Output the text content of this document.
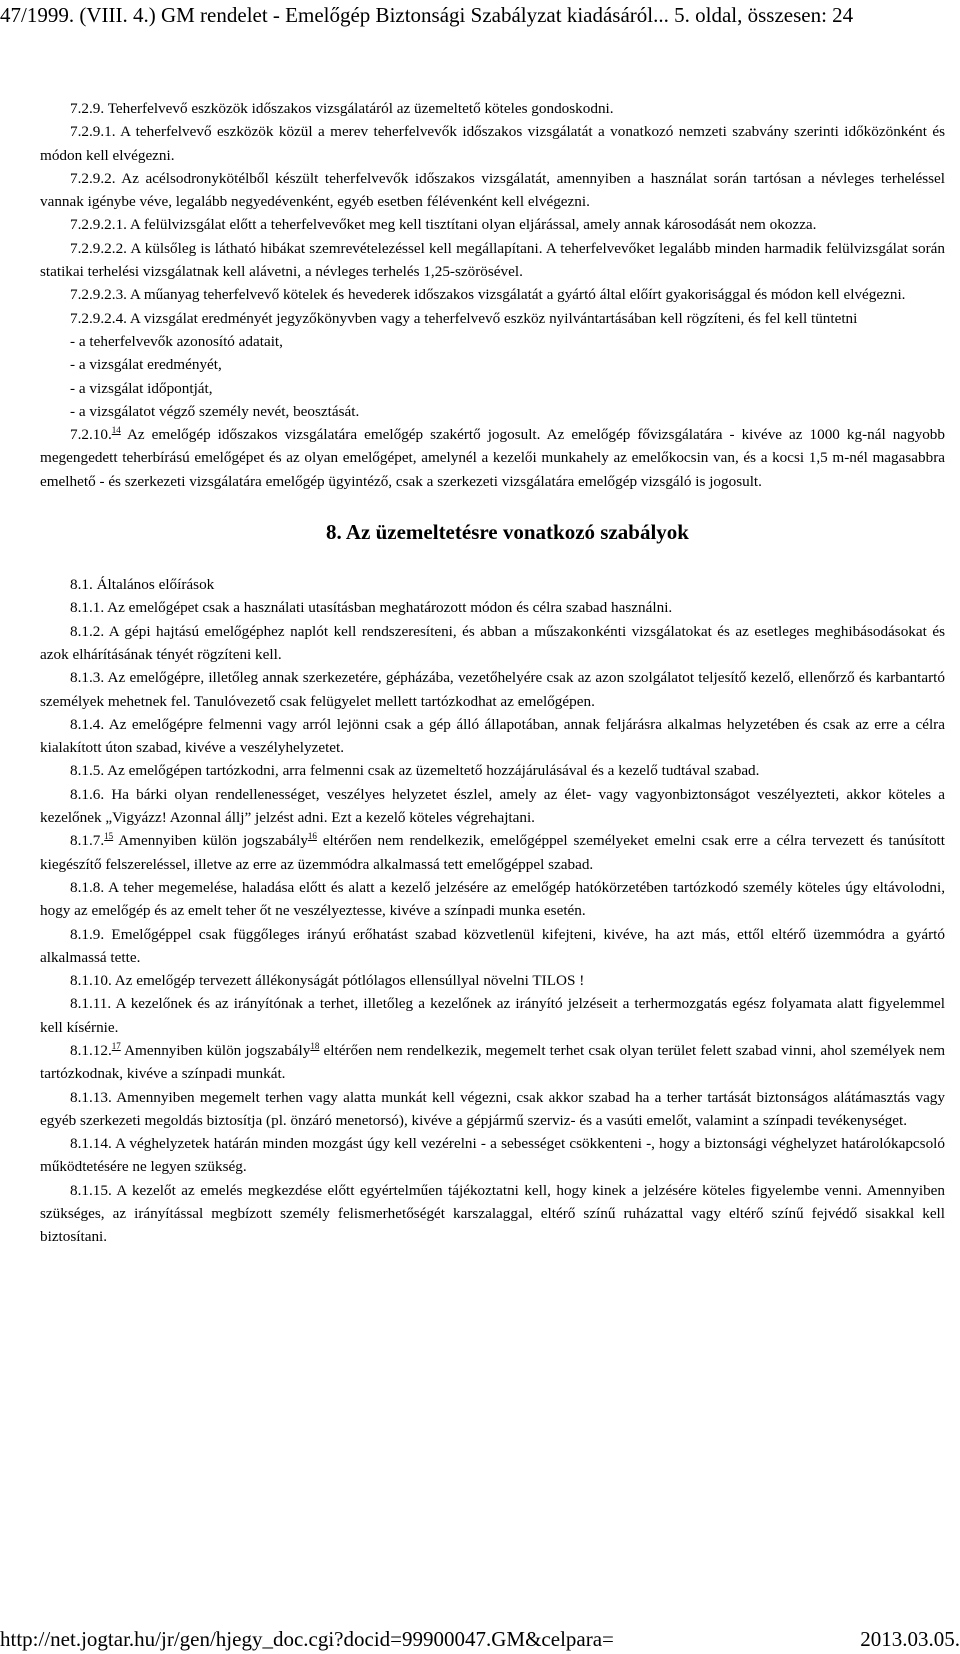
47/1999. (VIII. 4.) GM rendelet - Emelőgép Biztonsági Szabályzat kiadásáról... 5. oldal, összesen: 24

7.2.9. Teherfelvevő eszközök időszakos vizsgálatáról az üzemeltető köteles gondoskodni.

7.2.9.1. A teherfelvevő eszközök közül a merev teherfelvevők időszakos vizsgálatát a vonatkozó nemzeti szabvány szerinti időközönként és módon kell elvégezni.

7.2.9.2. Az acélsodronykötélből készült teherfelvevők időszakos vizsgálatát, amennyiben a használat során tartósan a névleges terheléssel vannak igénybe véve, legalább negyedévenként, egyéb esetben félévenként kell elvégezni.

7.2.9.2.1. A felülvizsgálat előtt a teherfelvevőket meg kell tisztítani olyan eljárással, amely annak károsodását nem okozza.

7.2.9.2.2. A külsőleg is látható hibákat szemrevételezéssel kell megállapítani. A teherfelvevőket legalább minden harmadik felülvizsgálat során statikai terhelési vizsgálatnak kell alávetni, a névleges terhelés 1,25-szörösével.

7.2.9.2.3. A műanyag teherfelvevő kötelek és hevederek időszakos vizsgálatát a gyártó által előírt gyakorisággal és módon kell elvégezni.

7.2.9.2.4. A vizsgálat eredményét jegyzőkönyvben vagy a teherfelvevő eszköz nyilvántartásában kell rögzíteni, és fel kell tüntetni

- a teherfelvevők azonosító adatait,
- a vizsgálat eredményét,
- a vizsgálat időpontját,
- a vizsgálatot végző személy nevét, beosztását.

7.2.10.14 Az emelőgép időszakos vizsgálatára emelőgép szakértő jogosult. Az emelőgép fővizsgálatára - kivéve az 1000 kg-nál nagyobb megengedett teherbírású emelőgépet és az olyan emelőgépet, amelynél a kezelői munkahely az emelőkocsin van, és a kocsi 1,5 m-nél magasabbra emelhető - és szerkezeti vizsgálatára emelőgép ügyintéző, csak a szerkezeti vizsgálatára emelőgép vizsgáló is jogosult.

8. Az üzemeltetésre vonatkozó szabályok

8.1. Általános előírások

8.1.1. Az emelőgépet csak a használati utasításban meghatározott módon és célra szabad használni.

8.1.2. A gépi hajtású emelőgéphez naplót kell rendszeresíteni, és abban a műszakonkénti vizsgálatokat és az esetleges meghibásodásokat és azok elhárításának tényét rögzíteni kell.

8.1.3. Az emelőgépre, illetőleg annak szerkezetére, gépházába, vezetőhelyére csak az azon szolgálatot teljesítő kezelő, ellenőrző és karbantartó személyek mehetnek fel. Tanulóvezető csak felügyelet mellett tartózkodhat az emelőgépen.

8.1.4. Az emelőgépre felmenni vagy arról lejönni csak a gép álló állapotában, annak feljárásra alkalmas helyzetében és csak az erre a célra kialakított úton szabad, kivéve a veszélyhelyzetet.

8.1.5. Az emelőgépen tartózkodni, arra felmenni csak az üzemeltető hozzájárulásával és a kezelő tudtával szabad.

8.1.6. Ha bárki olyan rendellenességet, veszélyes helyzetet észlel, amely az élet- vagy vagyonbiztonságot veszélyezteti, akkor köteles a kezelőnek „Vigyázz! Azonnal állj” jelzést adni. Ezt a kezelő köteles végrehajtani.

8.1.7.15 Amennyiben külön jogszabály$^{16}$ eltérően nem rendelkezik, emelőgéppel személyeket emelni csak erre a célra tervezett és tanúsított kiegészítő felszereléssel, illetve az erre az üzemmódra alkalmassá tett emelőgéppel szabad.

8.1.8. A teher megemelése, haladása előtt és alatt a kezelő jelzésére az emelőgép hatókörzetében tartózkodó személy köteles úgy eltávolodni, hogy az emelőgép és az emelt teher őt ne veszélyeztesse, kivéve a színpadi munka esetén.

8.1.9. Emelőgéppel csak függőleges irányú erőhatást szabad közvetlenül kifejteni, kivéve, ha azt más, ettől eltérő üzemmódra a gyártó alkalmassá tette.

8.1.10. Az emelőgép tervezett állékonyságát pótlólagos ellensúllyal növelni TILOS !

8.1.11. A kezelőnek és az irányítónak a terhet, illetőleg a kezelőnek az irányító jelzéseit a terhermozgatás egész folyamata alatt figyelemmel kell kísérnie.

8.1.12.17 Amennyiben külön jogszabály$^{18}$ eltérően nem rendelkezik, megemelt terhet csak olyan terület felett szabad vinni, ahol személyek nem tartózkodnak, kivéve a színpadi munkát.

8.1.13. Amennyiben megemelt terhen vagy alatta munkát kell végezni, csak akkor szabad ha a terher tartását biztonságos alátámasztás vagy egyéb szerkezeti megoldás biztosítja (pl. önzáró menetorsó), kivéve a gépjármű szerviz- és a vasúti emelőt, valamint a színpadi tevékenységet.

8.1.14. A véghelyzetek határán minden mozgást úgy kell vezérelni - a sebességet csökkenteni -, hogy a biztonsági véghelyzet határolókapcsoló működtetésére ne legyen szükség.

8.1.15. A kezelőt az emelés megkezdése előtt egyértelműen tájékoztatni kell, hogy kinek a jelzésére köteles figyelembe venni. Amennyiben szükséges, az irányítással megbízott személy felismerhetőségét karszalaggal, eltérő színű ruházattal vagy eltérő színű fejvédő sisakkal kell biztosítani.

http://net.jogtar.hu/jr/gen/hjegy_doc.cgi?docid=99900047.GM&celpara=	2013.03.05.
